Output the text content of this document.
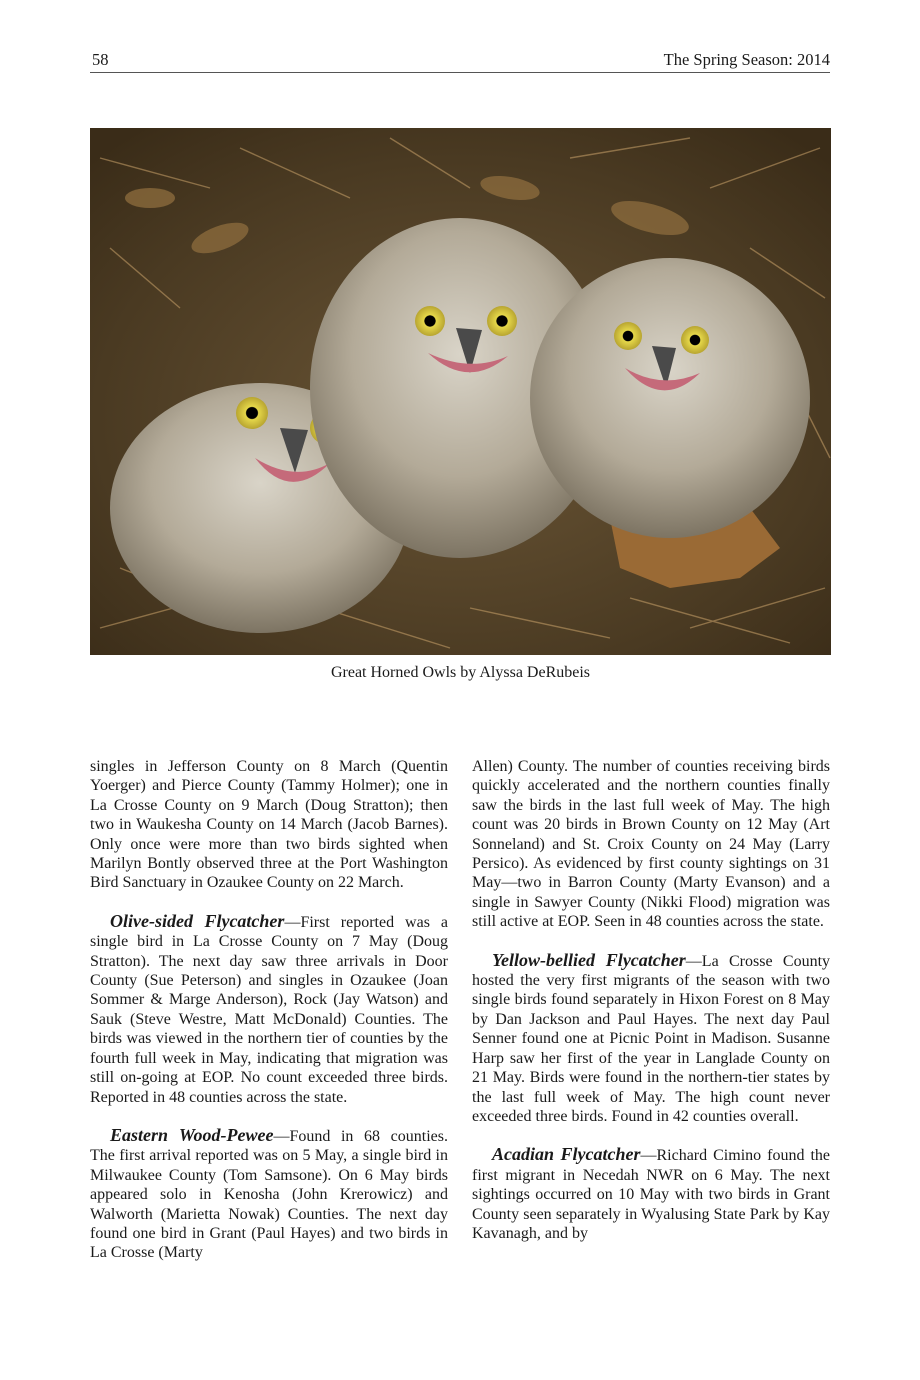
58	The Spring Season: 2014
Great Horned Owls by Alyssa DeRubeis

singles in Jefferson County on 8 March (Quentin Yoerger) and Pierce County (Tammy Holmer); one in La Crosse County on 9 March (Doug Stratton); then two in Waukesha County on 14 March (Jacob Barnes). Only once were more than two birds sighted when Marilyn Bontly observed three at the Port Washington Bird Sanctuary in Ozaukee County on 22 March.

Olive-sided Flycatcher—First reported was a single bird in La Crosse County on 7 May (Doug Stratton). The next day saw three arrivals in Door County (Sue Peterson) and singles in Ozaukee (Joan Sommer & Marge Anderson), Rock (Jay Watson) and Sauk (Steve Westre, Matt McDonald) Counties. The birds was viewed in the northern tier of counties by the fourth full week in May, indicating that migration was still on-going at EOP. No count exceeded three birds. Reported in 48 counties across the state.

Eastern Wood-Pewee—Found in 68 counties. The first arrival reported was on 5 May, a single bird in Milwaukee County (Tom Samsone). On 6 May birds appeared solo in Kenosha (John Krerowicz) and Walworth (Marietta Nowak) Counties. The next day found one bird in Grant (Paul Hayes) and two birds in La Crosse (Marty

Allen) County. The number of counties receiving birds quickly accelerated and the northern counties finally saw the birds in the last full week of May. The high count was 20 birds in Brown County on 12 May (Art Sonneland) and St. Croix County on 24 May (Larry Persico). As evidenced by first county sightings on 31 May—two in Barron County (Marty Evanson) and a single in Sawyer County (Nikki Flood) migration was still active at EOP. Seen in 48 counties across the state.

Yellow-bellied Flycatcher—La Crosse County hosted the very first migrants of the season with two single birds found separately in Hixon Forest on 8 May by Dan Jackson and Paul Hayes. The next day Paul Senner found one at Picnic Point in Madison. Susanne Harp saw her first of the year in Langlade County on 21 May. Birds were found in the northern-tier states by the last full week of May. The high count never exceeded three birds. Found in 42 counties overall.

Acadian Flycatcher—Richard Cimino found the first migrant in Necedah NWR on 6 May. The next sightings occurred on 10 May with two birds in Grant County seen separately in Wyalusing State Park by Kay Kavanagh, and by
